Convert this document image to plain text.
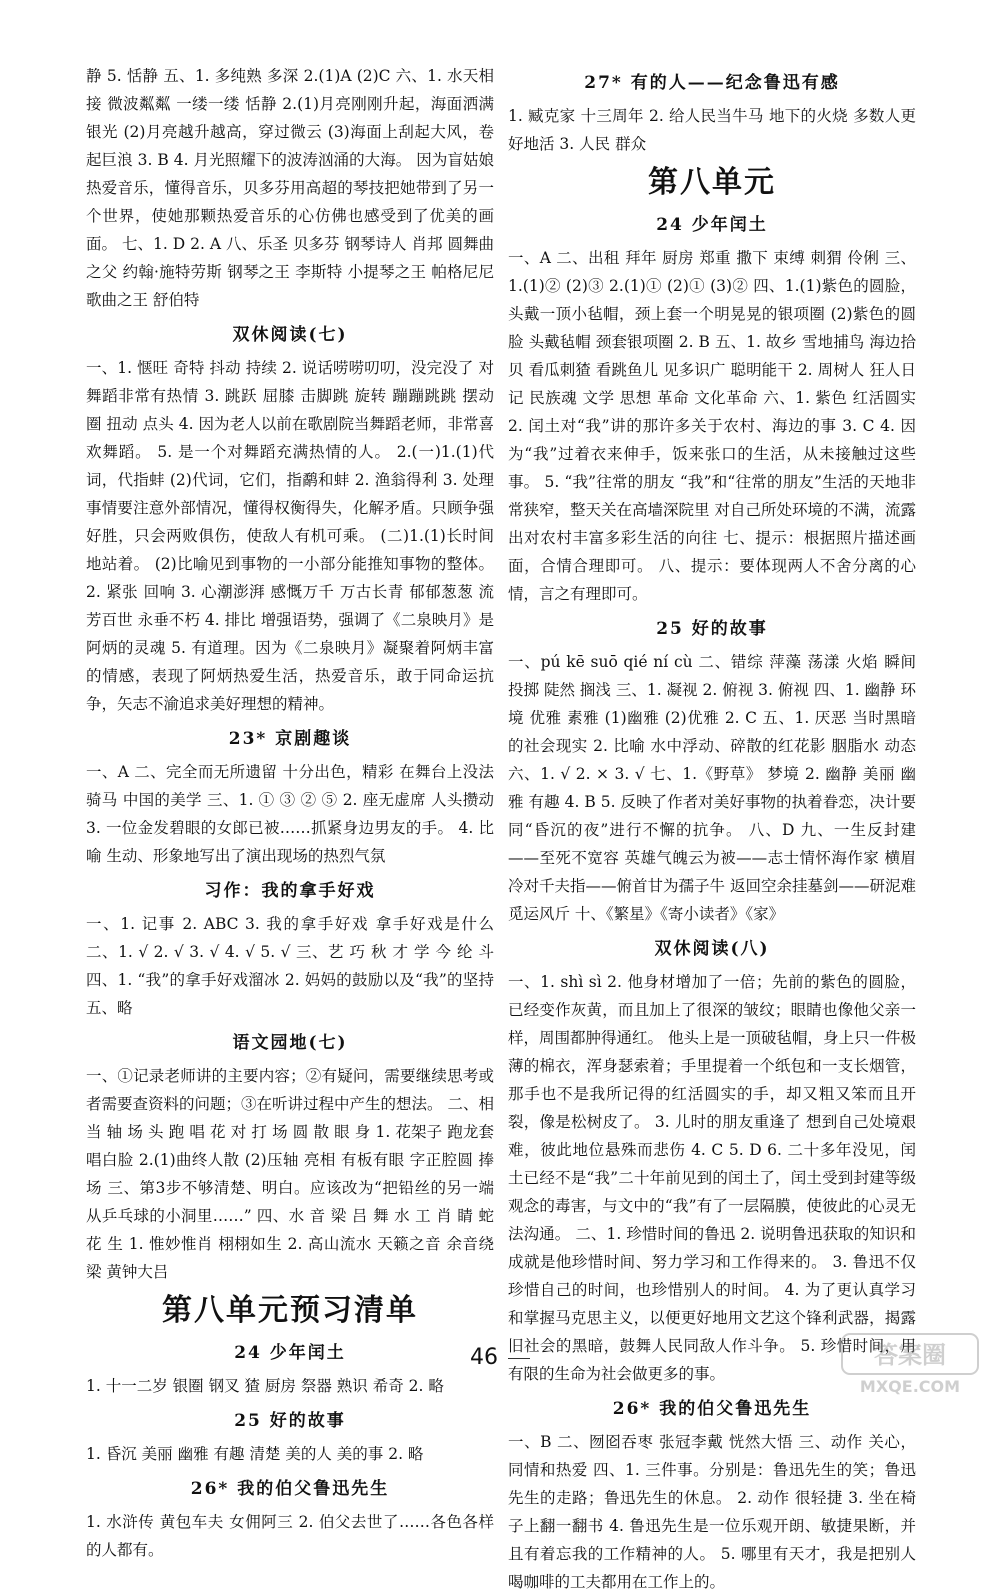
静 5. 恬静 五、1. 多纯熟 多深 2.(1)A (2)C 六、1. 水天相接 微波粼粼 一缕一缕 恬静 2.(1)月亮刚刚升起，海面洒满银光 (2)月亮越升越高，穿过微云 (3)海面上刮起大风，卷起巨浪 3. B 4. 月光照耀下的波涛汹涌的大海。 因为盲姑娘热爱音乐，懂得音乐，贝多芬用高超的琴技把她带到了另一个世界，使她那颗热爱音乐的心仿佛也感受到了优美的画面。 七、1. D 2. A 八、乐圣 贝多芬 钢琴诗人 肖邦 圆舞曲之父 约翰·施特劳斯 钢琴之王 李斯特 小提琴之王 帕格尼尼 歌曲之王 舒伯特

双休阅读(七)

一、1. 惬旺 奇特 抖动 持续 2. 说话唠唠叨叨，没完没了 对舞蹈非常有热情 3. 跳跃 屈膝 击脚跳 旋转 蹦蹦跳跳 摆动 圈 扭动 点头 4. 因为老人以前在歌剧院当舞蹈老师，非常喜欢舞蹈。 5. 是一个对舞蹈充满热情的人。 2.(一)1.(1)代词，代指蚌 (2)代词，它们，指鹬和蚌 2. 渔翁得利 3. 处理事情要注意外部情况，懂得权衡得失，化解矛盾。只顾争强好胜，只会两败俱伤，使敌人有机可乘。 (二)1.(1)长时间地站着。 (2)比喻见到事物的一小部分能推知事物的整体。 2. 紧张 回响 3. 心潮澎湃 感慨万千 万古长青 郁郁葱葱 流芳百世 永垂不朽 4. 排比 增强语势，强调了《二泉映月》是阿炳的灵魂 5. 有道理。因为《二泉映月》凝聚着阿炳丰富的情感，表现了阿炳热爱生活，热爱音乐，敢于同命运抗争，矢志不渝追求美好理想的精神。

23* 京剧趣谈

一、A 二、完全而无所遗留 十分出色，精彩 在舞台上没法骑马 中国的美学 三、1. ① ③ ② ⑤ 2. 座无虚席 人头攒动 3. 一位金发碧眼的女郎已被……抓紧身边男友的手。 4. 比喻 生动、形象地写出了演出现场的热烈气氛

习作：我的拿手好戏

一、1. 记事 2. ABC 3. 我的拿手好戏 拿手好戏是什么 二、1. √ 2. √ 3. √ 4. √ 5. √ 三、艺 巧 秋 才 学 今 纶 斗 四、1. “我”的拿手好戏溜冰 2. 妈妈的鼓励以及“我”的坚持 五、略

语文园地(七)

一、①记录老师讲的主要内容；②有疑问，需要继续思考或者需要查资料的问题；③在听讲过程中产生的想法。 二、相 当 轴 场 头 跑 唱 花 对 打 场 圆 散 眼 身 1. 花架子 跑龙套 唱白脸 2.(1)曲终人散 (2)压轴 亮相 有板有眼 字正腔圆 捧场 三、第3步不够清楚、明白。应该改为“把铅丝的另一端从乒乓球的小洞里……” 四、水 音 梁 吕 舞 水 工 肖 睛 蛇 花 生 1. 惟妙惟肖 栩栩如生 2. 高山流水 天籁之音 余音绕梁 黄钟大吕

第八单元预习清单
24 少年闰土

1. 十一二岁 银圈 钢叉 猹 厨房 祭器 熟识 希奇 2. 略

25 好的故事

1. 昏沉 美丽 幽雅 有趣 清楚 美的人 美的事 2. 略

26* 我的伯父鲁迅先生

1. 水浒传 黄包车夫 女佣阿三 2. 伯父去世了……各色各样的人都有。

27* 有的人——纪念鲁迅有感

1. 臧克家 十三周年 2. 给人民当牛马 地下的火烧 多数人更好地活 3. 人民 群众

第八单元
24 少年闰土

一、A 二、出租 拜年 厨房 郑重 撒下 束缚 刺猬 伶俐 三、1.(1)② (2)③ 2.(1)① (2)① (3)② 四、1.(1)紫色的圆脸，头戴一顶小毡帽，颈上套一个明晃晃的银项圈 (2)紫色的圆脸 头戴毡帽 颈套银项圈 2. B 五、1. 故乡 雪地捕鸟 海边拾贝 看瓜刺猹 看跳鱼儿 见多识广 聪明能干 2. 周树人 狂人日记 民族魂 文学 思想 革命 文化革命 六、1. 紫色 红活圆实 2. 闰土对“我”讲的那许多关于农村、海边的事 3. C 4. 因为“我”过着衣来伸手，饭来张口的生活，从未接触过这些事。 5. “我”往常的朋友 “我”和“往常的朋友”生活的天地非常狭窄，整天关在高墙深院里 对自己所处环境的不满，流露出对农村丰富多彩生活的向往 七、提示：根据照片描述画面，合情合理即可。 八、提示：要体现两人不舍分离的心情，言之有理即可。

25 好的故事

一、pú kē suō qié ní cù 二、错综 萍藻 荡漾 火焰 瞬间 投掷 陡然 搁浅 三、1. 凝视 2. 俯视 3. 俯视 四、1. 幽静 环境 优雅 素雅 (1)幽雅 (2)优雅 2. C 五、1. 厌恶 当时黑暗的社会现实 2. 比喻 水中浮动、碎散的红花影 胭脂水 动态 六、1. √ 2. × 3. √ 七、1.《野草》 梦境 2. 幽静 美丽 幽雅 有趣 4. B 5. 反映了作者对美好事物的执着眷恋，决计要同“昏沉的夜”进行不懈的抗争。 八、D 九、一生反封建——至死不宽容 英雄气魄云为被——志士情怀海作家 横眉冷对千夫指——俯首甘为孺子牛 返回空余挂墓剑——研泥难觅运风斤 十、《繁星》《寄小读者》《家》

双休阅读(八)

一、1. shì sì 2. 他身材增加了一倍；先前的紫色的圆脸，已经变作灰黄，而且加上了很深的皱纹；眼睛也像他父亲一样，周围都肿得通红。 他头上是一顶破毡帽，身上只一件极薄的棉衣，浑身瑟索着；手里提着一个纸包和一支长烟管，那手也不是我所记得的红活圆实的手，却又粗又笨而且开裂，像是松树皮了。 3. 儿时的朋友重逢了 想到自己处境艰难，彼此地位悬殊而悲伤 4. C 5. D 6. 二十多年没见，闰土已经不是“我”二十年前见到的闰土了，闰土受到封建等级观念的毒害，与文中的“我”有了一层隔膜，使彼此的心灵无法沟通。 二、1. 珍惜时间的鲁迅 2. 说明鲁迅获取的知识和成就是他珍惜时间、努力学习和工作得来的。 3. 鲁迅不仅珍惜自己的时间，也珍惜别人的时间。 4. 为了更认真学习和掌握马克思主义，以便更好地用文艺这个锋利武器，揭露旧社会的黑暗，鼓舞人民同敌人作斗争。 5. 珍惜时间，用有限的生命为社会做更多的事。

26* 我的伯父鲁迅先生

一、B 二、囫囵吞枣 张冠李戴 恍然大悟 三、动作 关心，同情和热爱 四、1. 三件事。分别是：鲁迅先生的笑；鲁迅先生的走路；鲁迅先生的休息。 2. 动作 很轻捷 3. 坐在椅子上翻一翻书 4. 鲁迅先生是一位乐观开朗、敏捷果断，并且有着忘我的工作精神的人。 5. 哪里有天才，我是把别人喝咖啡的工夫都用在工作上的。

46	答案圈
MXQE.COM
